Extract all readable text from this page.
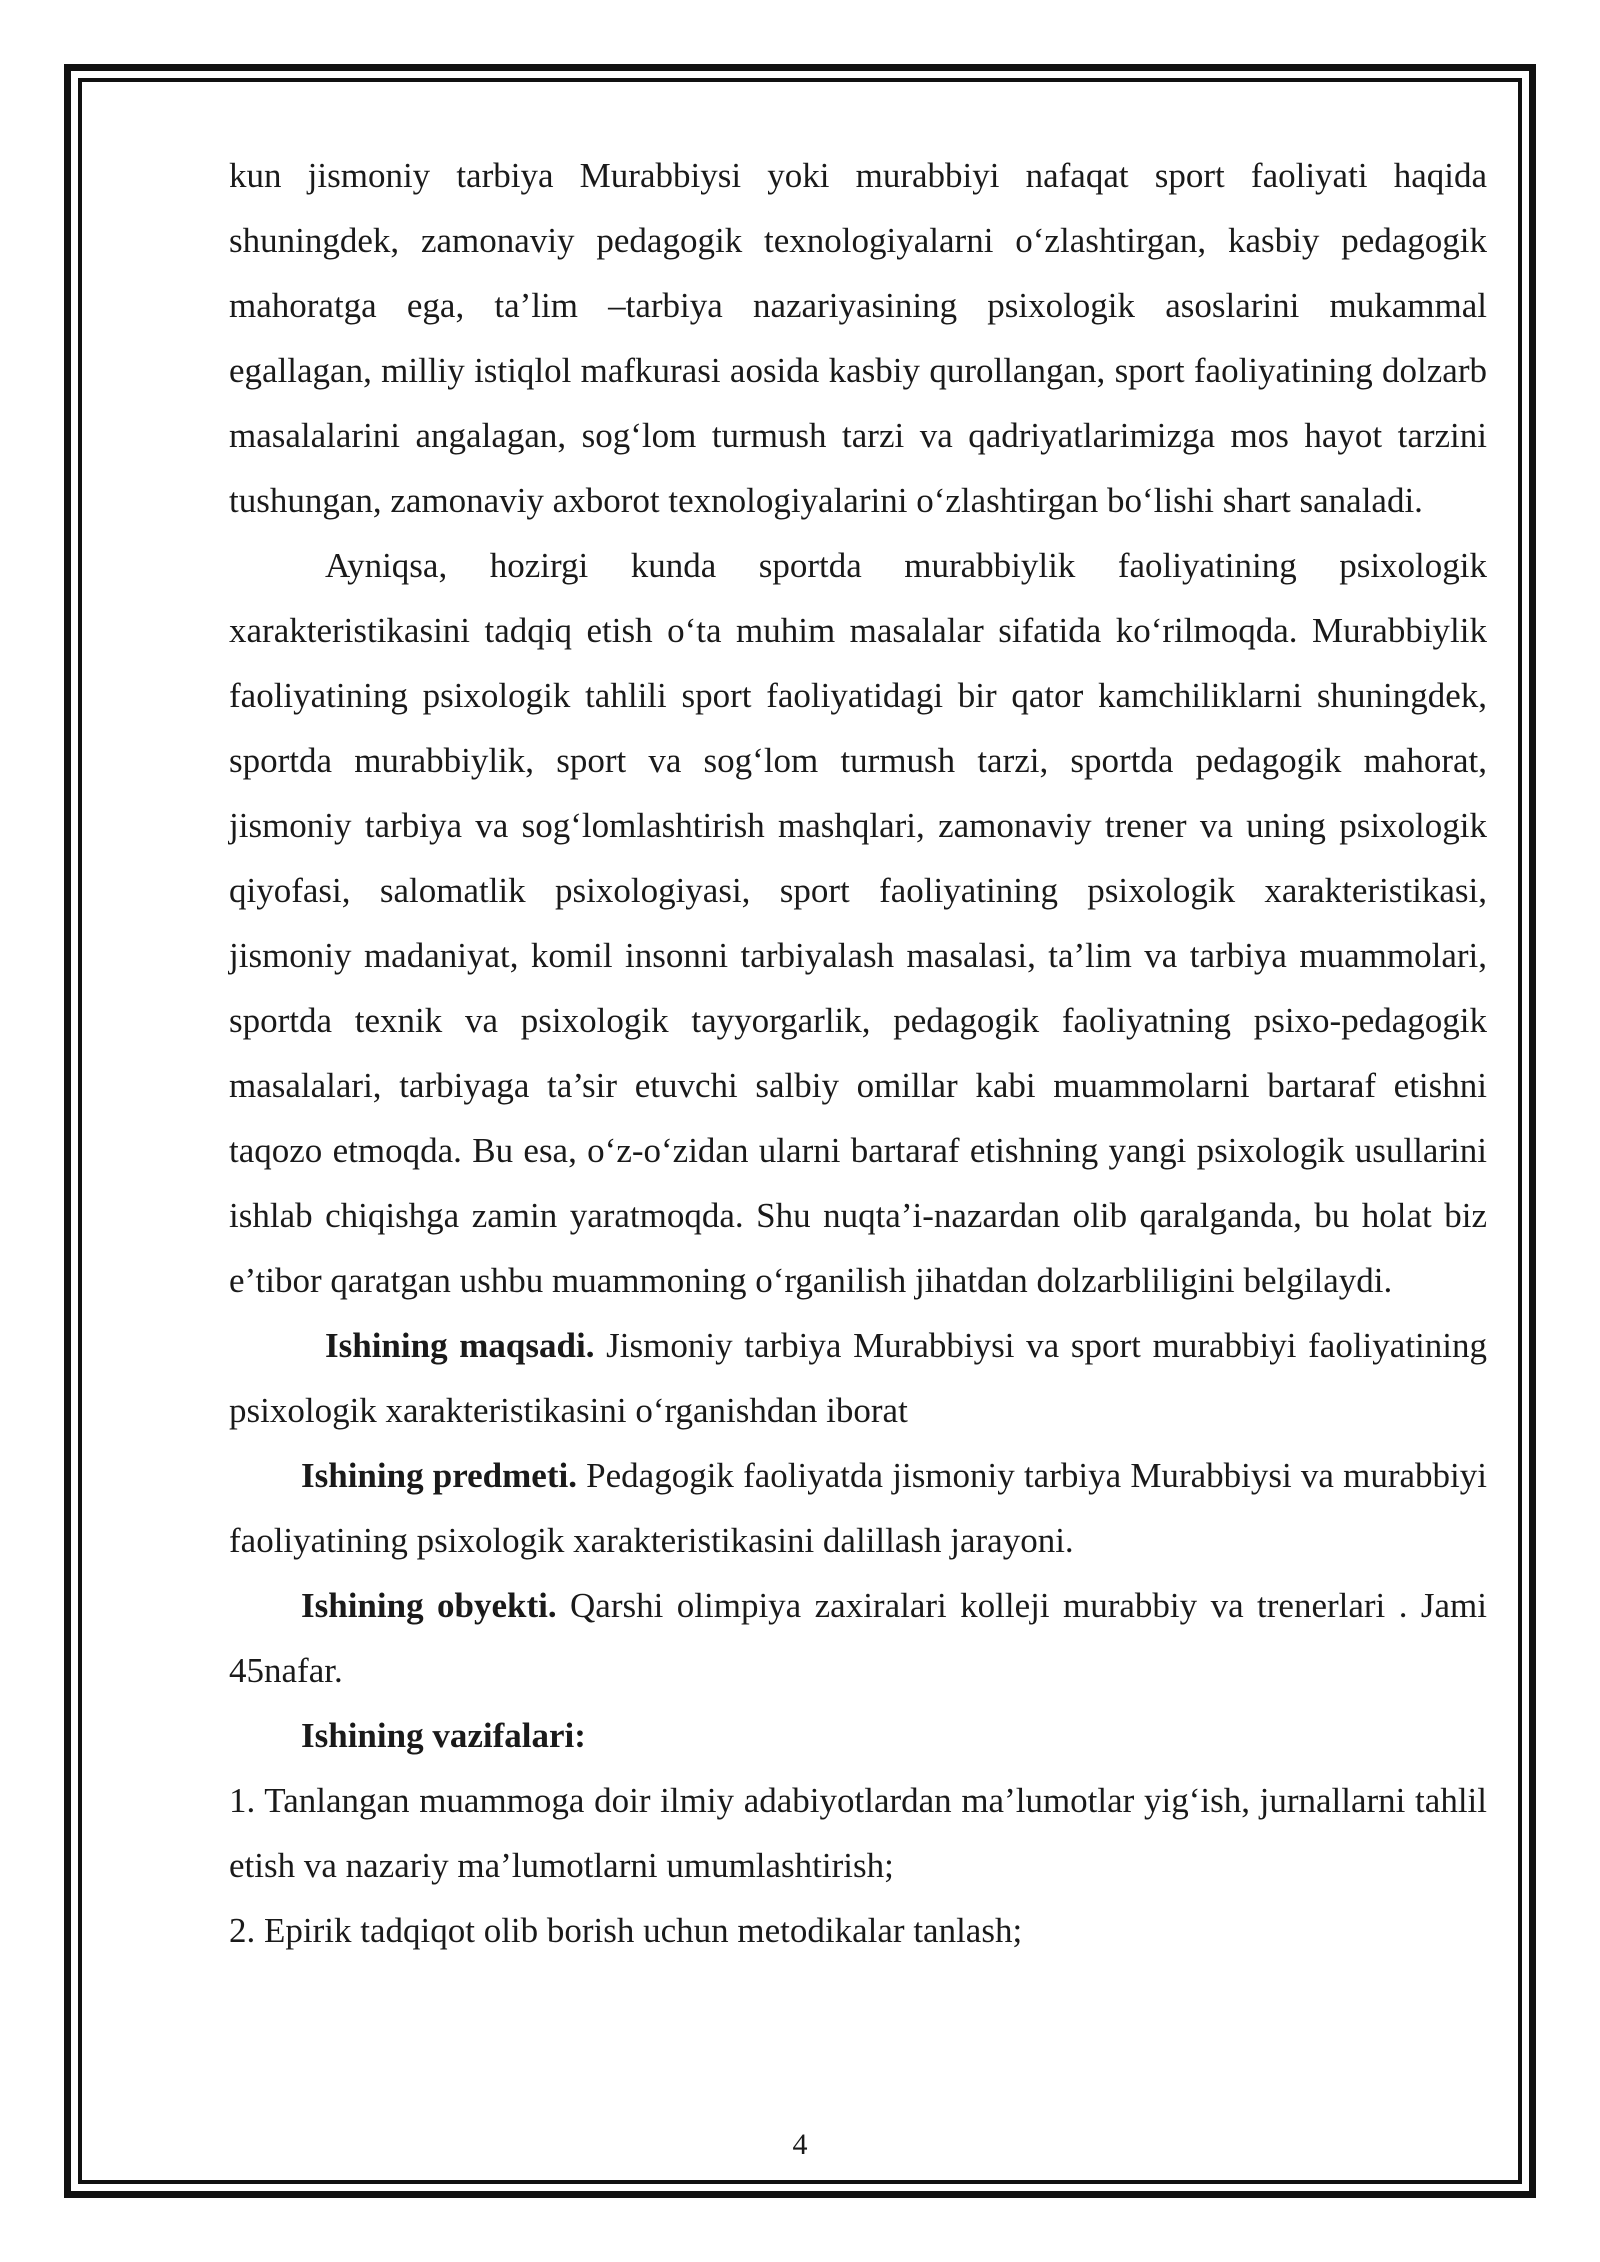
kun jismoniy tarbiya Murabbiysi yoki murabbiyi nafaqat sport faoliyati haqida shuningdek, zamonaviy pedagogik texnologiyalarni o‘zlashtirgan, kasbiy pedagogik mahoratga ega, ta’lim –tarbiya nazariyasining psixologik asoslarini mukammal egallagan, milliy istiqlol mafkurasi aosida kasbiy qurollangan, sport faoliyatining dolzarb masalalarini angalagan, sog‘lom turmush tarzi va qadriyatlarimizga mos hayot tarzini tushungan, zamonaviy axborot texnologiyalarini o‘zlashtirgan bo‘lishi shart sanaladi.

Ayniqsa, hozirgi kunda sportda murabbiylik faoliyatining psixologik xarakteristikasini tadqiq etish o‘ta muhim masalalar sifatida ko‘rilmoqda. Murabbiylik faoliyatining psixologik tahlili sport faoliyatidagi bir qator kamchiliklarni shuningdek, sportda murabbiylik, sport va sog‘lom turmush tarzi, sportda pedagogik mahorat, jismoniy tarbiya va sog‘lomlashtirish mashqlari, zamonaviy trener va uning psixologik qiyofasi, salomatlik psixologiyasi, sport faoliyatining psixologik xarakteristikasi, jismoniy madaniyat, komil insonni tarbiyalash masalasi, ta’lim va tarbiya muammolari, sportda texnik va psixologik tayyorgarlik, pedagogik faoliyatning psixo-pedagogik masalalari, tarbiyaga ta’sir etuvchi salbiy omillar kabi muammolarni bartaraf etishni taqozo etmoqda. Bu esa, o‘z-o‘zidan ularni bartaraf etishning yangi psixologik usullarini ishlab chiqishga zamin yaratmoqda. Shu nuqta’i-nazardan olib qaralganda, bu holat biz e’tibor qaratgan ushbu muammoning o‘rganilish jihatdan dolzarbliligini belgilaydi.

Ishining maqsadi. Jismoniy tarbiya Murabbiysi va sport murabbiyi faoliyatining psixologik xarakteristikasini o‘rganishdan iborat

Ishining predmeti. Pedagogik faoliyatda jismoniy tarbiya Murabbiysi va murabbiyi faoliyatining psixologik xarakteristikasini dalillash jarayoni.

Ishining obyekti. Qarshi olimpiya zaxiralari kolleji murabbiy va trenerlari . Jami 45nafar.

Ishining vazifalari:

1. Tanlangan muammoga doir ilmiy adabiyotlardan ma’lumotlar yig‘ish, jurnallarni tahlil etish va nazariy ma’lumotlarni umumlashtirish;

2. Epirik tadqiqot olib borish uchun metodikalar tanlash;

4
